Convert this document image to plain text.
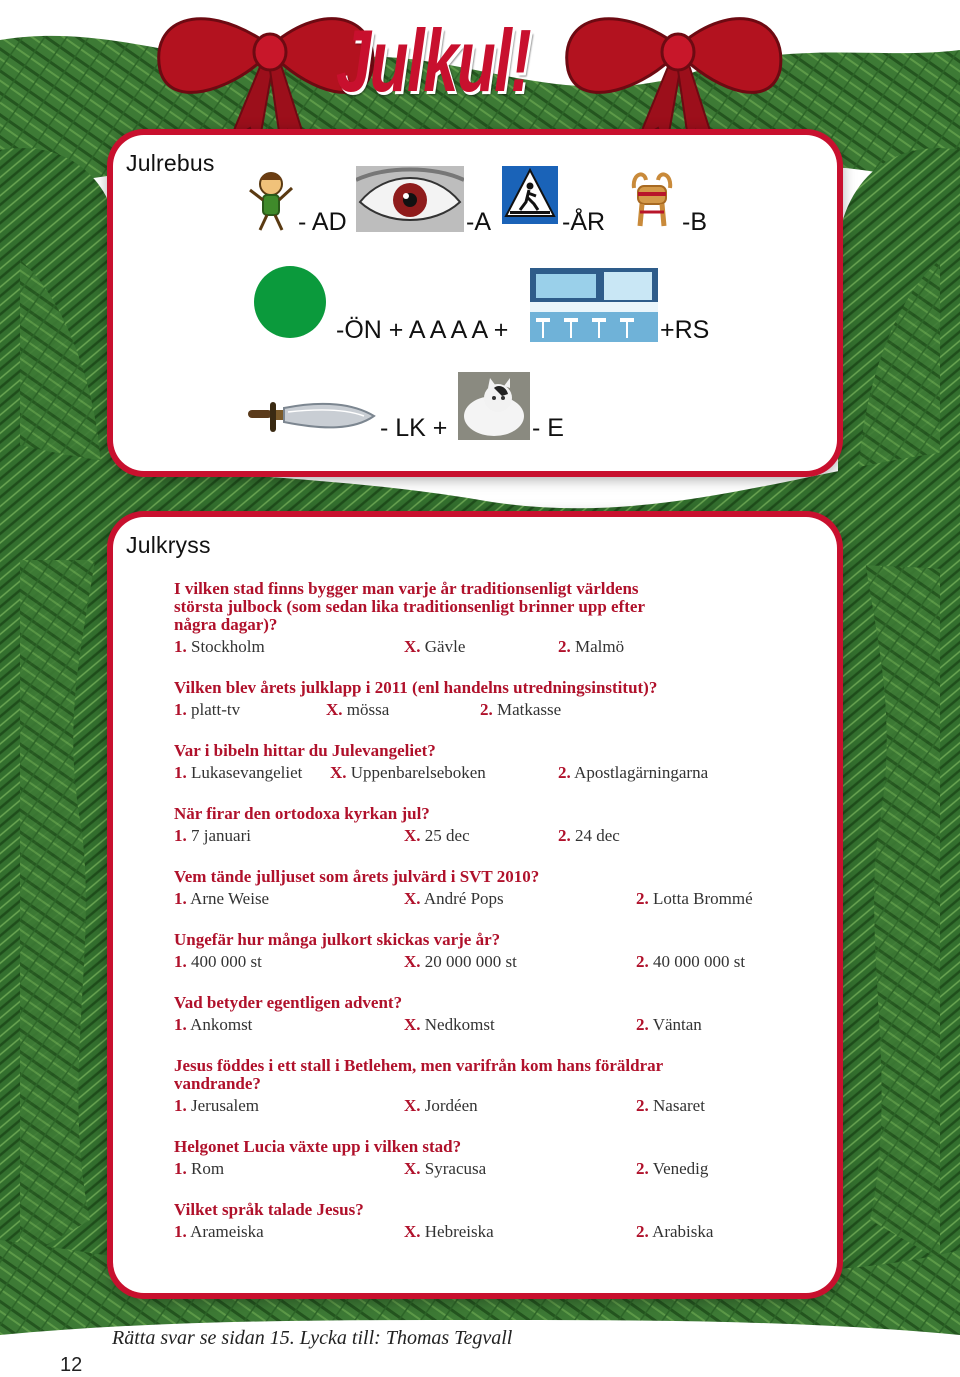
Julkul!
Julrebus
- AD	-A	-ÅR	-B
-ÖN + A A A A +	+RS
- LK +	- E
Julkryss
I vilken stad finns bygger man varje år traditionsenligt världens
största julbock (som sedan lika traditionsenligt brinner upp efter
några dagar)?
1. Stockholm	X. Gävle	2. Malmö
Vilken blev årets julklapp i 2011 (enl handelns utredningsinstitut)?
1. platt-tv	X. mössa	2. Matkasse
Var i bibeln hittar du Julevangeliet?
1. Lukasevangeliet X. Uppenbarelseboken	2. Apostlagärningarna
När firar den ortodoxa kyrkan jul?
1. 7 januari	X. 25 dec	2. 24 dec
Vem tände julljuset som årets julvärd i SVT 2010?
1. Arne Weise	X. André Pops	2. Lotta Brommé
Ungefär hur många julkort skickas varje år?
1. 400 000 st	X. 20 000 000 st	2. 40 000 000 st
Vad betyder egentligen advent?
1. Ankomst	X. Nedkomst	2. Väntan
Jesus föddes i ett stall i Betlehem, men varifrån kom hans föräldrar
vandrande?
1. Jerusalem	X. Jordéen	2. Nasaret
Helgonet Lucia växte upp i vilken stad?
1. Rom	X. Syracusa	2. Venedig
Vilket språk talade Jesus?
1. Arameiska	X. Hebreiska	2. Arabiska
Rätta svar se sidan 15. Lycka till: Thomas Tegvall
12
